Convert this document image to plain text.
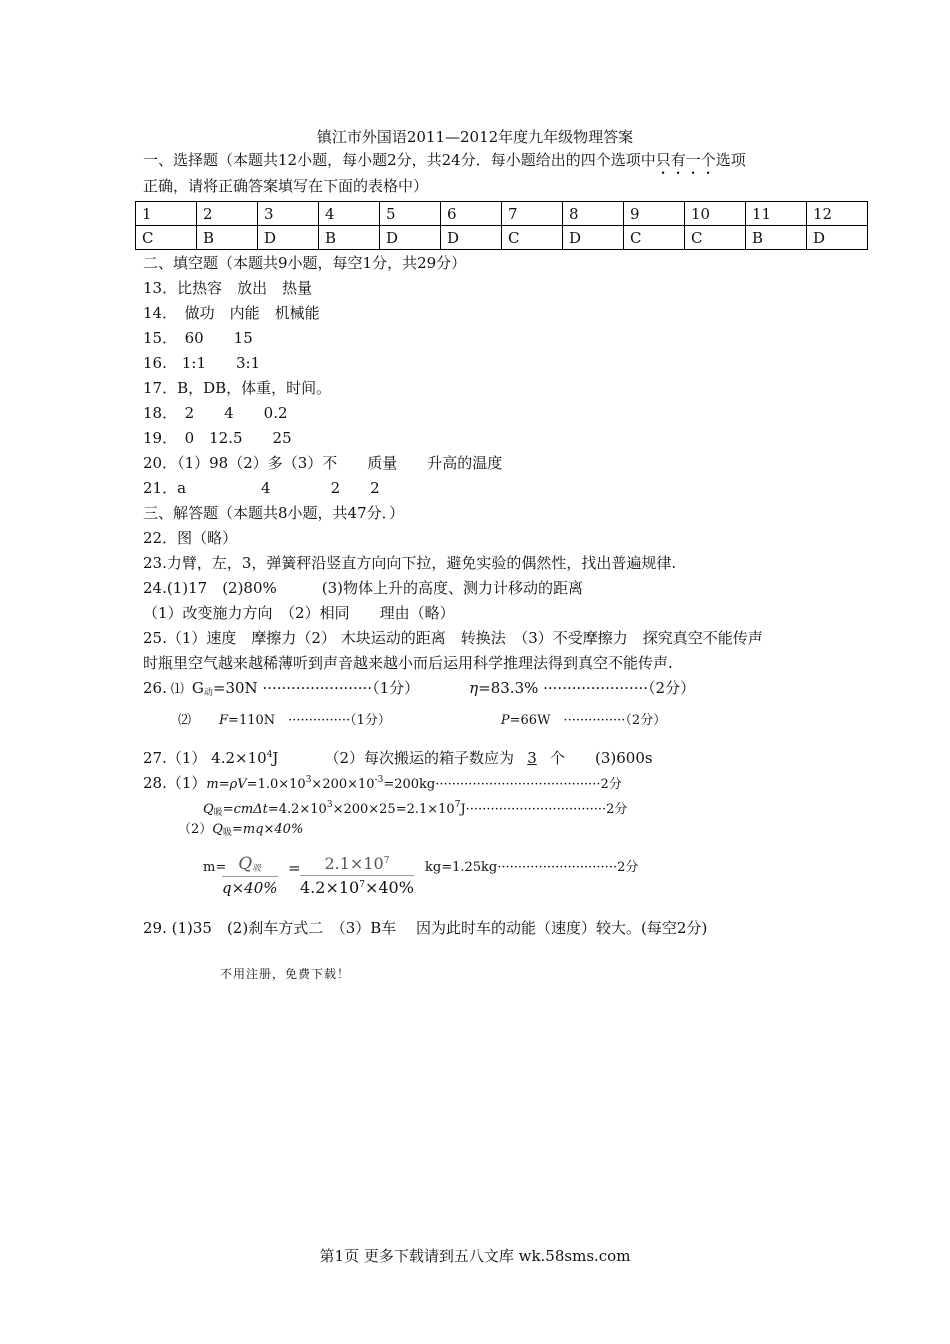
镇江市外国语2011—2012年度九年级物理答案
一、选择题（本题共12小题，每小题2分，共24分．每小题给出的四个选项中只有一个选项
正确，请将正确答案填写在下面的表格中）
1	2	3	4	5	6	7	8	9	10	11	12
C	B	D	B	D	D	C	D	C	C	B	D
二、填空题（本题共9小题，每空1分，共29分）
13．比热容　放出　热量
14．　做功　内能　机械能
15．　60　　15
16.　1:1　　3:1
17．B，DB，体重，时间。
18．　2　　4　　0.2
19．　0　12.5　　25
20．（1）98（2）多（3）不　　质量　　升高的温度
21．a　　　　　4　　　　2　　2
三、解答题（本题共8小题，共47分．）
22．图（略）
23.力臂，左，3，弹簧秤沿竖直方向向下拉，避免实验的偶然性，找出普遍规律.
24.(1)17　(2)80%　　　(3)物体上升的高度、测力计移动的距离
（1）改变施力方向　（2）相同　　理由（略）
25.（1）速度　摩擦力（2） 木块运动的距离　转换法　（3）不受摩擦力　探究真空不能传声
时瓶里空气越来越稀薄听到声音越来越小而后运用科学推理法得到真空不能传声.
26. ⑴ $G_动=30N \cdot\cdot\cdot\cdot\cdot\cdot\cdot\cdot\cdot\cdot\cdot\cdot\cdot\cdot\cdot\cdot\cdot\cdot\cdot\cdot\cdot\cdot\cdot(1$分）	η=83.3% ······················（2分）
⑵ F=110N　···············（1分）	P=66W　···············（2分）
27.（1） $4.2\times 10^4J$	（2）每次搬运的箱子数应为 3 个　　(3)600s
$28.(1)m=\rho V=1.0\times 10^3\times 200\times 10^{-3}=200kg\cdot\cdot\cdot\cdot\cdot\cdot\cdot\cdot\cdot\cdot\cdot\cdot\cdot\cdot\cdot\cdot\cdot\cdot\cdot\cdot\cdot\cdot\cdot\cdot\cdot\cdot\cdot\cdot\cdot\cdot\cdot\cdot\cdot\cdot\cdot\cdot\cdot\cdot\cdot\cdot 2$分
$Q_吸=cm\Delta t=4.2\times 10^3\times 200\times 25=2.1\times 10^7J\cdot\cdot\cdot\cdot\cdot\cdot\cdot\cdot\cdot\cdot\cdot\cdot\cdot\cdot\cdot\cdot\cdot\cdot\cdot\cdot\cdot\cdot\cdot\cdot\cdot\cdot\cdot\cdot\cdot\cdot\cdot\cdot\cdot\cdot 2$分
$(2)Q_吸=mq\times 40\%$
$m= Q_吸$
q×40%
= $\frac{2.1\times 10^7}{4.2\times 10^7\times 40\%} kg=1.25kg\cdot\cdot\cdot\cdot\cdot\cdot\cdot\cdot\cdot\cdot\cdot\cdot\cdot\cdot\cdot\cdot\cdot\cdot\cdot\cdot\cdot\cdot\cdot\cdot\cdot\cdot\cdot\cdot\cdot 2$分
29. (1)35　(2)刹车方式二　（3）B车　 因为此时车的动能（速度）较大。(每空2分)
不用注册，免费下载！
第1页 更多下载请到五八文库 wk.58sms.com
